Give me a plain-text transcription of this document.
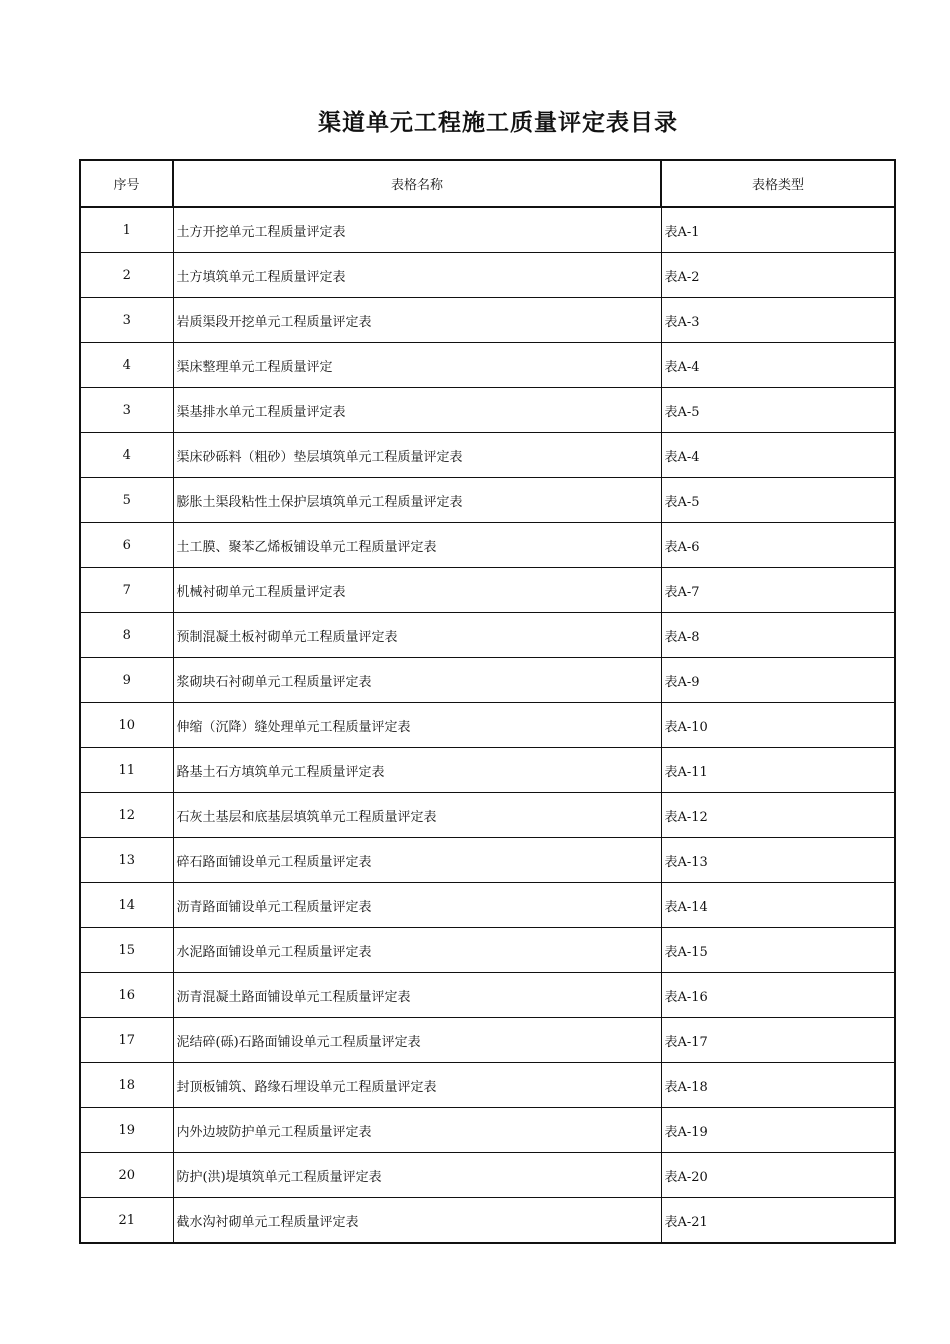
渠道单元工程施工质量评定表目录
序号	表格名称	表格类型
1	土方开挖单元工程质量评定表	表A-1
2	土方填筑单元工程质量评定表	表A-2
3	岩质渠段开挖单元工程质量评定表	表A-3
4	渠床整理单元工程质量评定	表A-4
3	渠基排水单元工程质量评定表	表A-5
4	渠床砂砾料（粗砂）垫层填筑单元工程质量评定表	表A-4
5	膨胀土渠段粘性土保护层填筑单元工程质量评定表	表A-5
6	土工膜、聚苯乙烯板铺设单元工程质量评定表	表A-6
7	机械衬砌单元工程质量评定表	表A-7
8	预制混凝土板衬砌单元工程质量评定表	表A-8
9	浆砌块石衬砌单元工程质量评定表	表A-9
10	伸缩（沉降）缝处理单元工程质量评定表	表A-10
11	路基土石方填筑单元工程质量评定表	表A-11
12	石灰土基层和底基层填筑单元工程质量评定表	表A-12
13	碎石路面铺设单元工程质量评定表	表A-13
14	沥青路面铺设单元工程质量评定表	表A-14
15	水泥路面铺设单元工程质量评定表	表A-15
16	沥青混凝土路面铺设单元工程质量评定表	表A-16
17	泥结碎(砾)石路面铺设单元工程质量评定表	表A-17
18	封顶板铺筑、路缘石埋设单元工程质量评定表	表A-18
19	内外边坡防护单元工程质量评定表	表A-19
20	防护(洪)堤填筑单元工程质量评定表	表A-20
21	截水沟衬砌单元工程质量评定表	表A-21
